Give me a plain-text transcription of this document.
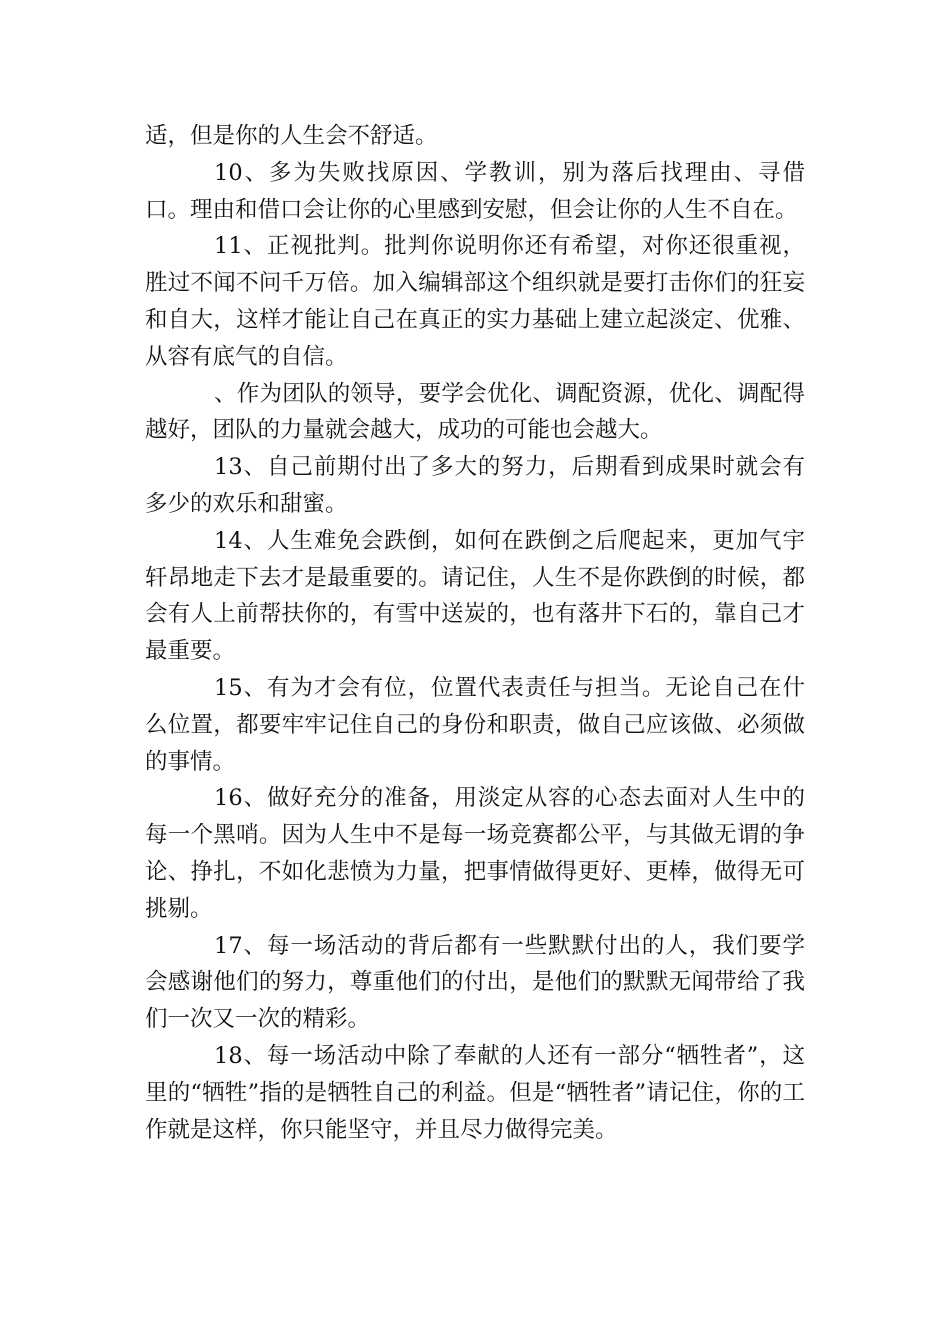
适，但是你的人生会不舒适。

10、多为失败找原因、学教训，别为落后找理由、寻借口。理由和借口会让你的心里感到安慰，但会让你的人生不自在。

11、正视批判。批判你说明你还有希望，对你还很重视，胜过不闻不问千万倍。加入编辑部这个组织就是要打击你们的狂妄和自大，这样才能让自己在真正的实力基础上建立起淡定、优雅、从容有底气的自信。

、作为团队的领导，要学会优化、调配资源，优化、调配得越好，团队的力量就会越大，成功的可能也会越大。

13、自己前期付出了多大的努力，后期看到成果时就会有多少的欢乐和甜蜜。

14、人生难免会跌倒，如何在跌倒之后爬起来，更加气宇轩昂地走下去才是最重要的。请记住，人生不是你跌倒的时候，都会有人上前帮扶你的，有雪中送炭的，也有落井下石的，靠自己才最重要。

15、有为才会有位，位置代表责任与担当。无论自己在什么位置，都要牢牢记住自己的身份和职责，做自己应该做、必须做的事情。

16、做好充分的准备，用淡定从容的心态去面对人生中的每一个黑哨。因为人生中不是每一场竞赛都公平，与其做无谓的争论、挣扎，不如化悲愤为力量，把事情做得更好、更棒，做得无可挑剔。

17、每一场活动的背后都有一些默默付出的人，我们要学会感谢他们的努力，尊重他们的付出，是他们的默默无闻带给了我们一次又一次的精彩。

18、每一场活动中除了奉献的人还有一部分“牺牲者”，这里的“牺牲”指的是牺牲自己的利益。但是“牺牲者”请记住，你的工作就是这样，你只能坚守，并且尽力做得完美。
